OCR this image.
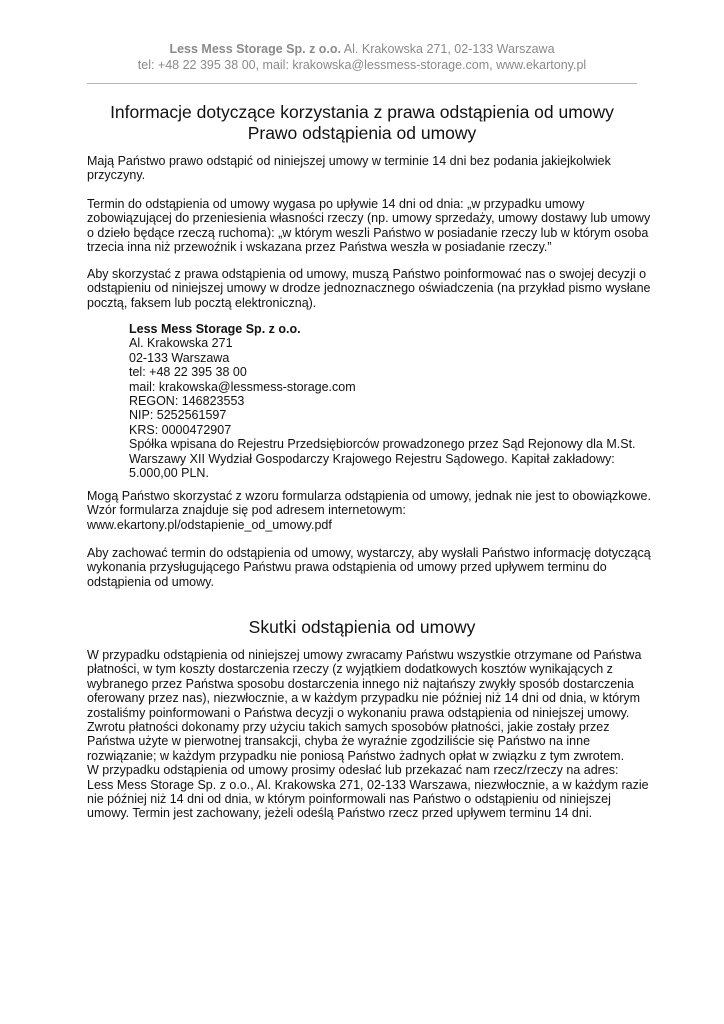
Less Mess Storage Sp. z o.o. Al. Krakowska 271, 02-133 Warszawa
tel: +48 22 395 38 00, mail: krakowska@lessmess-storage.com, www.ekartony.pl
Informacje dotyczące korzystania z prawa odstąpienia od umowy
Prawo odstąpienia od umowy

Mają Państwo prawo odstąpić od niniejszej umowy w terminie 14 dni bez podania jakiejkolwiek
przyczyny.

Termin do odstąpienia od umowy wygasa po upływie 14 dni od dnia: „w przypadku umowy
zobowiązującej do przeniesienia własności rzeczy (np. umowy sprzedaży, umowy dostawy lub umowy
o dzieło będące rzeczą ruchoma): „w którym weszli Państwo w posiadanie rzeczy lub w którym osoba
trzecia inna niż przewoźnik i wskazana przez Państwa weszła w posiadanie rzeczy.”

Aby skorzystać z prawa odstąpienia od umowy, muszą Państwo poinformować nas o swojej decyzji o
odstąpieniu od niniejszej umowy w drodze jednoznacznego oświadczenia (na przykład pismo wysłane
pocztą, faksem lub pocztą elektroniczną).

Less Mess Storage Sp. z o.o.
Al. Krakowska 271
02-133 Warszawa
tel: +48 22 395 38 00
mail: krakowska@lessmess-storage.com
REGON: 146823553
NIP: 5252561597
KRS: 0000472907
Spółka wpisana do Rejestru Przedsiębiorców prowadzonego przez Sąd Rejonowy dla M.St.
Warszawy XII Wydział Gospodarczy Krajowego Rejestru Sądowego. Kapitał zakładowy:
5.000,00 PLN.

Mogą Państwo skorzystać z wzoru formularza odstąpienia od umowy, jednak nie jest to obowiązkowe.
Wzór formularza znajduje się pod adresem internetowym:
www.ekartony.pl/odstapienie_od_umowy.pdf

Aby zachować termin do odstąpienia od umowy, wystarczy, aby wysłali Państwo informację dotyczącą
wykonania przysługującego Państwu prawa odstąpienia od umowy przed upływem terminu do
odstąpienia od umowy.

Skutki odstąpienia od umowy

W przypadku odstąpienia od niniejszej umowy zwracamy Państwu wszystkie otrzymane od Państwa
płatności, w tym koszty dostarczenia rzeczy (z wyjątkiem dodatkowych kosztów wynikających z
wybranego przez Państwa sposobu dostarczenia innego niż najtańszy zwykły sposób dostarczenia
oferowany przez nas), niezwłocznie, a w każdym przypadku nie później niż 14 dni od dnia, w którym
zostaliśmy poinformowani o Państwa decyzji o wykonaniu prawa odstąpienia od niniejszej umowy.
Zwrotu płatności dokonamy przy użyciu takich samych sposobów płatności, jakie zostały przez
Państwa użyte w pierwotnej transakcji, chyba że wyraźnie zgodziliście się Państwo na inne
rozwiązanie; w każdym przypadku nie poniosą Państwo żadnych opłat w związku z tym zwrotem.
W przypadku odstąpienia od umowy prosimy odesłać lub przekazać nam rzecz/rzeczy na adres:
Less Mess Storage Sp. z o.o., Al. Krakowska 271, 02-133 Warszawa, niezwłocznie, a w każdym razie
nie później niż 14 dni od dnia, w którym poinformowali nas Państwo o odstąpieniu od niniejszej
umowy. Termin jest zachowany, jeżeli odeślą Państwo rzecz przed upływem terminu 14 dni.
